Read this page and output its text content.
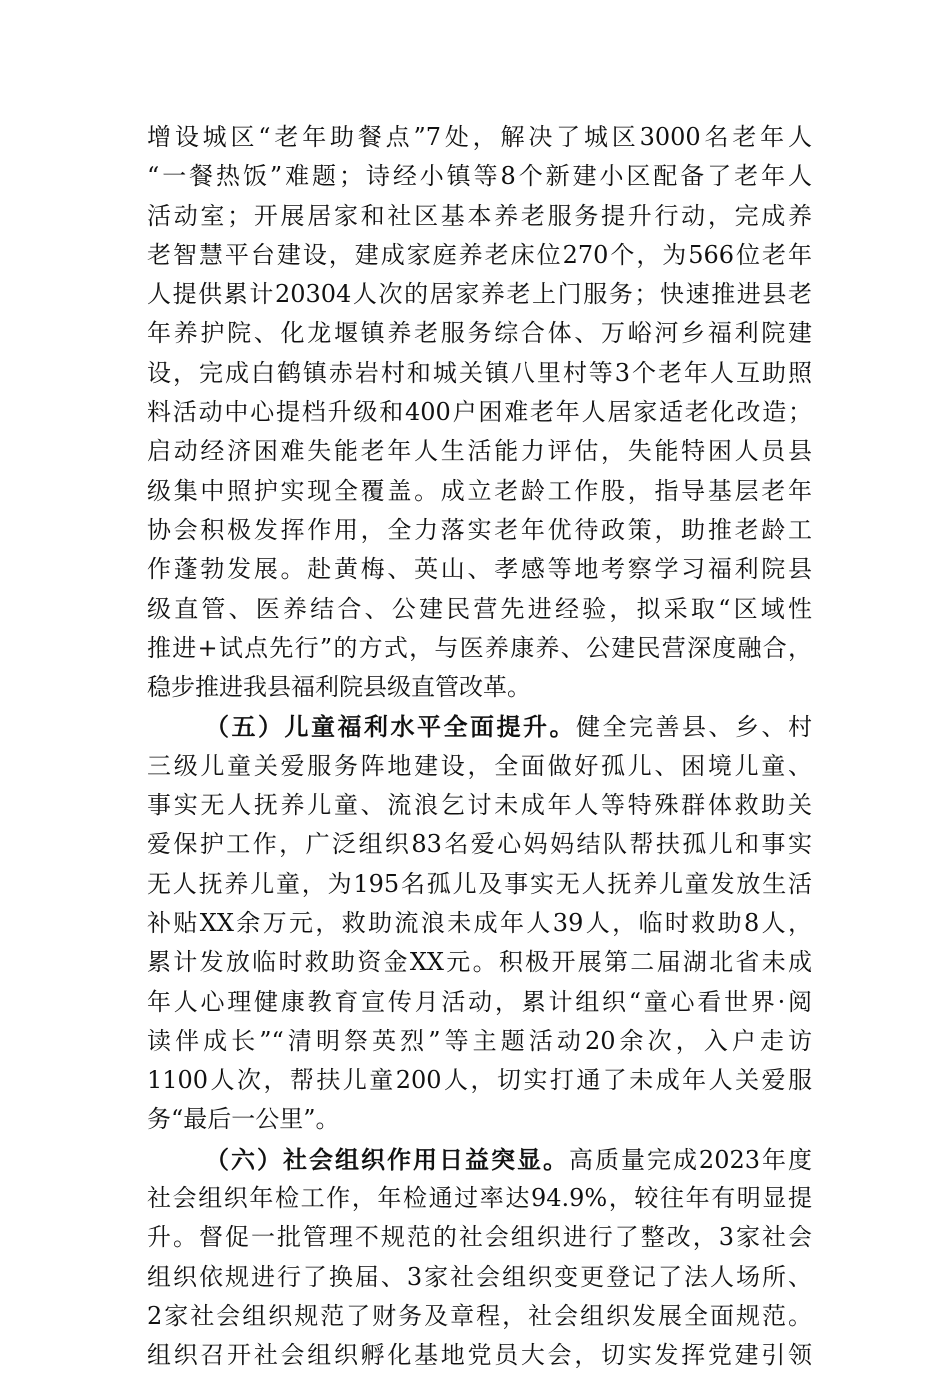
增设城区“老年助餐点”7处，解决了城区3000名老年人
“一餐热饭”难题；诗经小镇等8个新建小区配备了老年人
活动室；开展居家和社区基本养老服务提升行动，完成养
老智慧平台建设，建成家庭养老床位270个，为566位老年
人提供累计20304人次的居家养老上门服务；快速推进县老
年养护院、化龙堰镇养老服务综合体、万峪河乡福利院建
设，完成白鹤镇赤岩村和城关镇八里村等3个老年人互助照
料活动中心提档升级和400户困难老年人居家适老化改造；
启动经济困难失能老年人生活能力评估，失能特困人员县
级集中照护实现全覆盖。成立老龄工作股，指导基层老年
协会积极发挥作用，全力落实老年优待政策，助推老龄工
作蓬勃发展。赴黄梅、英山、孝感等地考察学习福利院县
级直管、医养结合、公建民营先进经验，拟采取“区域性
推进+试点先行”的方式，与医养康养、公建民营深度融合，
稳步推进我县福利院县级直管改革。
（五）儿童福利水平全面提升。健全完善县、乡、村
三级儿童关爱服务阵地建设，全面做好孤儿、困境儿童、
事实无人抚养儿童、流浪乞讨未成年人等特殊群体救助关
爱保护工作，广泛组织83名爱心妈妈结队帮扶孤儿和事实
无人抚养儿童，为195名孤儿及事实无人抚养儿童发放生活
补贴XX余万元，救助流浪未成年人39人，临时救助8人，
累计发放临时救助资金XX元。积极开展第二届湖北省未成
年人心理健康教育宣传月活动，累计组织“童心看世界·阅
读伴成长”“清明祭英烈”等主题活动20余次，入户走访
1100人次，帮扶儿童200人，切实打通了未成年人关爱服
务“最后一公里”。
（六）社会组织作用日益突显。高质量完成2023年度
社会组织年检工作，年检通过率达94.9%，较往年有明显提
升。督促一批管理不规范的社会组织进行了整改，3家社会
组织依规进行了换届、3家社会组织变更登记了法人场所、
2家社会组织规范了财务及章程，社会组织发展全面规范。
组织召开社会组织孵化基地党员大会，切实发挥党建引领
